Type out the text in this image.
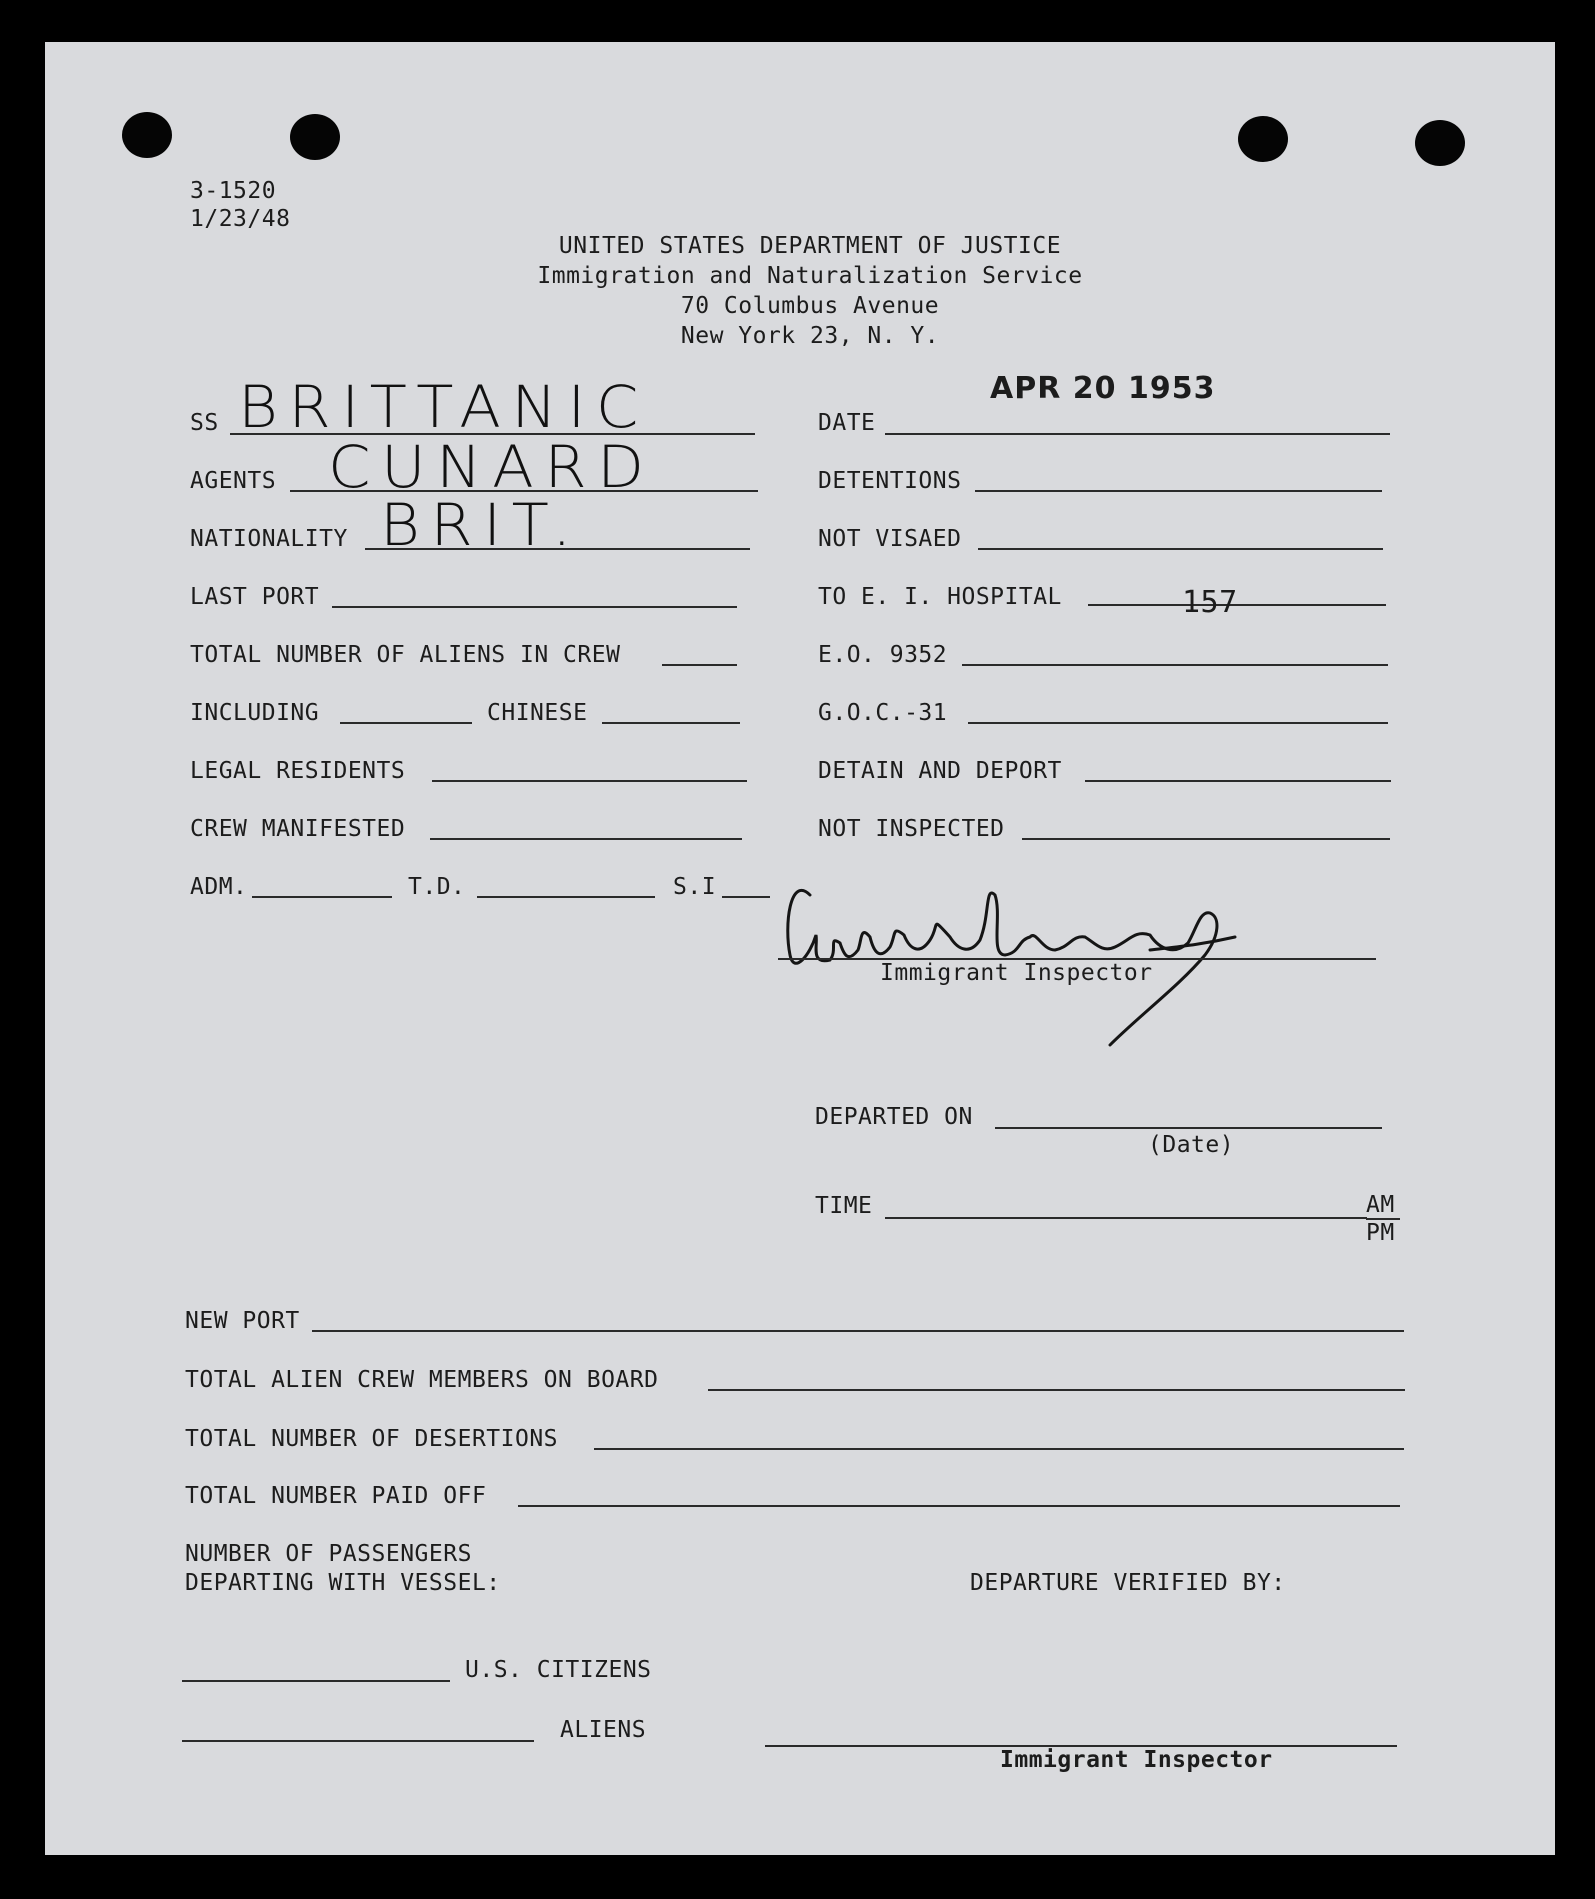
3-1520
1/23/48
UNITED STATES DEPARTMENT OF JUSTICE
Immigration and Naturalization Service
70 Columbus Avenue
New York 23, N. Y.
SS BRITTANIC
AGENTS CUNARD
NATIONALITY BRIT.
LAST PORT
TOTAL NUMBER OF ALIENS IN CREW
INCLUDING	CHINESE
LEGAL RESIDENTS
CREW MANIFESTED
ADM.	T.D.	S.I
APR 20 1953
DATE
DETENTIONS
NOT VISAED
TO E. I. HOSPITAL	157
E.O. 9352
G.O.C.-31
DETAIN AND DEPORT
NOT INSPECTED
Immigrant Inspector
DEPARTED ON
(Date)
TIME	AM
PM
NEW PORT
TOTAL ALIEN CREW MEMBERS ON BOARD
TOTAL NUMBER OF DESERTIONS
TOTAL NUMBER PAID OFF
NUMBER OF PASSENGERS
DEPARTING WITH VESSEL:	DEPARTURE VERIFIED BY:
U.S. CITIZENS
ALIENS
Immigrant Inspector
